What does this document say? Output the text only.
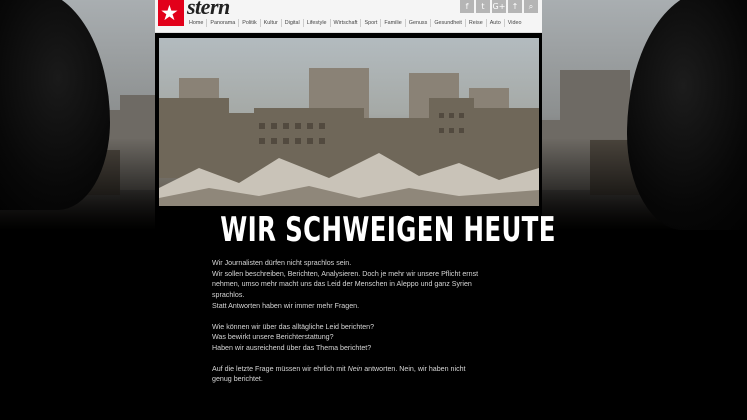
★ stern	f	t G+ ↑	⌕
Home	Panorama	Politik	Kultur	Digital	Lifestyle	Wirtschaft	Sport	Familie	Genuss	Gesundheit	Reise	Auto	Video
WIR SCHWEIGEN HEUTE
Wir Journalisten dürfen nicht sprachlos sein.
Wir sollen beschreiben, Berichten, Analysieren. Doch je mehr wir unsere Pflicht ernst
nehmen, umso mehr macht uns das Leid der Menschen in Aleppo und ganz Syrien
sprachlos.
Statt Antworten haben wir immer mehr Fragen.
Wie können wir über das alltägliche Leid berichten?
Was bewirkt unsere Berichterstattung?
Haben wir ausreichend über das Thema berichtet?
Auf die letzte Frage müssen wir ehrlich mit Nein antworten. Nein, wir haben nicht
genug berichtet.
